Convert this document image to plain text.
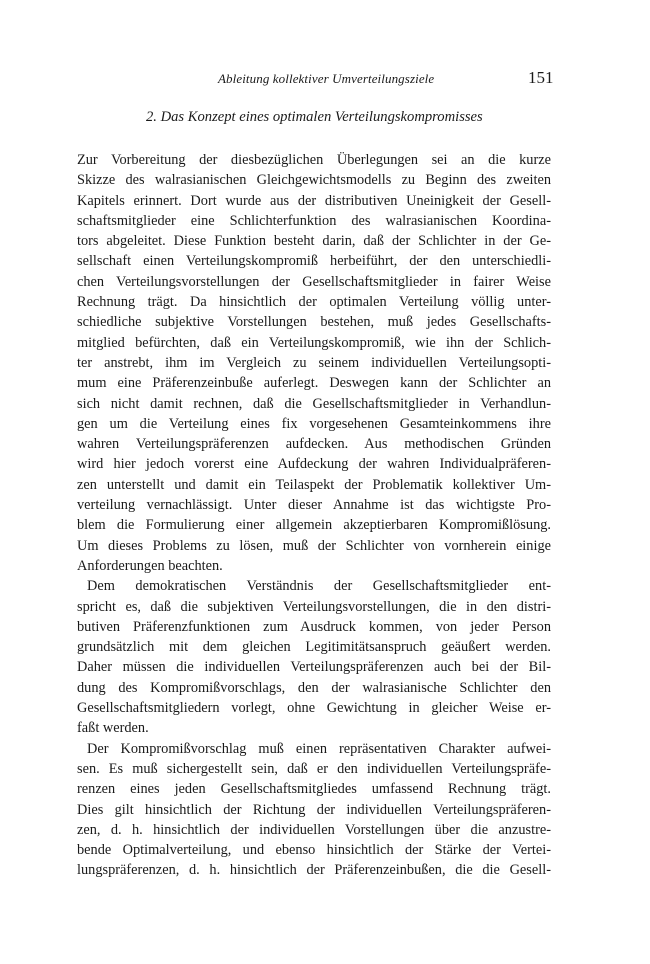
Ableitung kollektiver Umverteilungsziele	151
2. Das Konzept eines optimalen Verteilungskompromisses
Zur Vorbereitung der diesbezüglichen Überlegungen sei an die kurze
Skizze des walrasianischen Gleichgewichtsmodells zu Beginn des zweiten
Kapitels erinnert. Dort wurde aus der distributiven Uneinigkeit der Gesell-
schaftsmitglieder eine Schlichterfunktion des walrasianischen Koordina-
tors abgeleitet. Diese Funktion besteht darin, daß der Schlichter in der Ge-
sellschaft einen Verteilungskompromiß herbeiführt, der den unterschiedli-
chen Verteilungsvorstellungen der Gesellschaftsmitglieder in fairer Weise
Rechnung trägt. Da hinsichtlich der optimalen Verteilung völlig unter-
schiedliche subjektive Vorstellungen bestehen, muß jedes Gesellschafts-
mitglied befürchten, daß ein Verteilungskompromiß, wie ihn der Schlich-
ter anstrebt, ihm im Vergleich zu seinem individuellen Verteilungsopti-
mum eine Präferenzeinbuße auferlegt. Deswegen kann der Schlichter an
sich nicht damit rechnen, daß die Gesellschaftsmitglieder in Verhandlun-
gen um die Verteilung eines fix vorgesehenen Gesamteinkommens ihre
wahren Verteilungspräferenzen aufdecken. Aus methodischen Gründen
wird hier jedoch vorerst eine Aufdeckung der wahren Individualpräferen-
zen unterstellt und damit ein Teilaspekt der Problematik kollektiver Um-
verteilung vernachlässigt. Unter dieser Annahme ist das wichtigste Pro-
blem die Formulierung einer allgemein akzeptierbaren Kompromißlösung.
Um dieses Problems zu lösen, muß der Schlichter von vornherein einige
Anforderungen beachten.
Dem demokratischen Verständnis der Gesellschaftsmitglieder ent-
spricht es, daß die subjektiven Verteilungsvorstellungen, die in den distri-
butiven Präferenzfunktionen zum Ausdruck kommen, von jeder Person
grundsätzlich mit dem gleichen Legitimitätsanspruch geäußert werden.
Daher müssen die individuellen Verteilungspräferenzen auch bei der Bil-
dung des Kompromißvorschlags, den der walrasianische Schlichter den
Gesellschaftsmitgliedern vorlegt, ohne Gewichtung in gleicher Weise er-
faßt werden.
Der Kompromißvorschlag muß einen repräsentativen Charakter aufwei-
sen. Es muß sichergestellt sein, daß er den individuellen Verteilungspräfe-
renzen eines jeden Gesellschaftsmitgliedes umfassend Rechnung trägt.
Dies gilt hinsichtlich der Richtung der individuellen Verteilungspräferen-
zen, d. h. hinsichtlich der individuellen Vorstellungen über die anzustre-
bende Optimalverteilung, und ebenso hinsichtlich der Stärke der Vertei-
lungspräferenzen, d. h. hinsichtlich der Präferenzeinbußen, die die Gesell-
